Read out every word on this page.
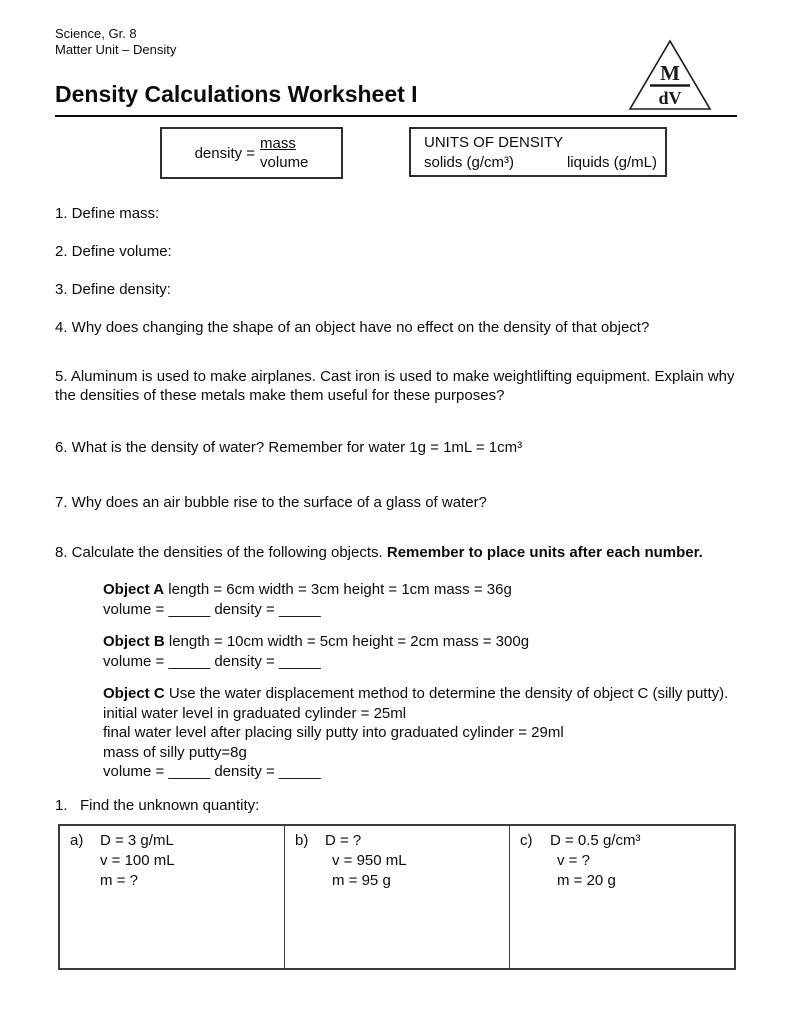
Science, Gr. 8
Matter Unit – Density
M
dV
Density Calculations Worksheet I
density = $\frac{\text{mass}}{\text{volume}}$	UNITS OF DENSITY
solids (g/cm³)	liquids (g/mL)
1. Define mass:
2. Define volume:
3. Define density:
4. Why does changing the shape of an object have no effect on the density of that object?
5. Aluminum is used to make airplanes. Cast iron is used to make weightlifting equipment. Explain why the densities of these metals make them useful for these purposes?
6. What is the density of water? Remember for water 1g = 1mL = 1cm³
7. Why does an air bubble rise to the surface of a glass of water?
8. Calculate the densities of the following objects. Remember to place units after each number.
Object A length = 6cm width = 3cm height = 1cm mass = 36g
volume = _____ density = _____
Object B length = 10cm width = 5cm height = 2cm mass = 300g
volume = _____ density = _____
Object C Use the water displacement method to determine the density of object C (silly putty).
initial water level in graduated cylinder = 25ml
final water level after placing silly putty into graduated cylinder = 29ml
mass of silly putty=8g
volume = _____ density = _____
1. Find the unknown quantity:
a)	D = 3 g/mL
v = 100 mL
m = ?
b)	D = ?
v = 950 mL
m = 95 g
c)	D = 0.5 g/cm³
v = ?
m = 20 g
